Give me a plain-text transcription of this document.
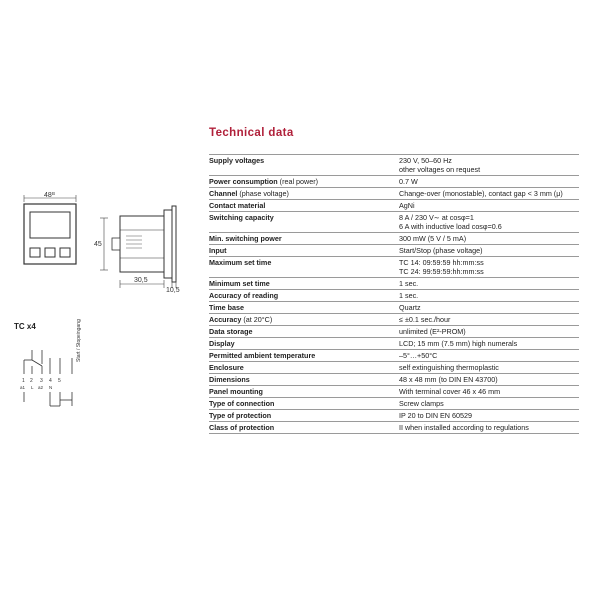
Technical data
Supply voltages	230 V, 50–60 Hz
other voltages on request

Power consumption (real power)	0.7 W

Channel (phase voltage)	Change-over (monostable), contact gap < 3 mm (μ)

Contact material	AgNi

Switching capacity	8 A / 230 V∼ at cosφ=1
6 A with inductive load cosφ=0.6

Min. switching power	300 mW (5 V / 5 mA)

Input	Start/Stop (phase voltage)

Maximum set time	TC 14: 09:59:59 hh:mm:ss
TC 24: 99:59:59:hh:mm:ss

Minimum set time	1 sec.

Accuracy of reading	1 sec.

Time base	Quartz

Accuracy (at 20°C)	≤ ±0.1 sec./hour

Data storage	unlimited (E²-PROM)

Display	LCD; 15 mm (7.5 mm) high numerals

Permitted ambient temperature	–5°…+50°C

Enclosure	self extinguishing thermoplastic

Dimensions	48 x 48 mm (to DIN EN 43700)

Panel mounting	With terminal cover 46 x 46 mm

Type of connection	Screw clamps

Type of protection	IP 20 to DIN EN 60529

Class of protection	II when installed according to regulations
48 B
45
30,5
10,5
TC x4	Start / Stopeingang
1 2 3 4 5
a1 L a2 N
